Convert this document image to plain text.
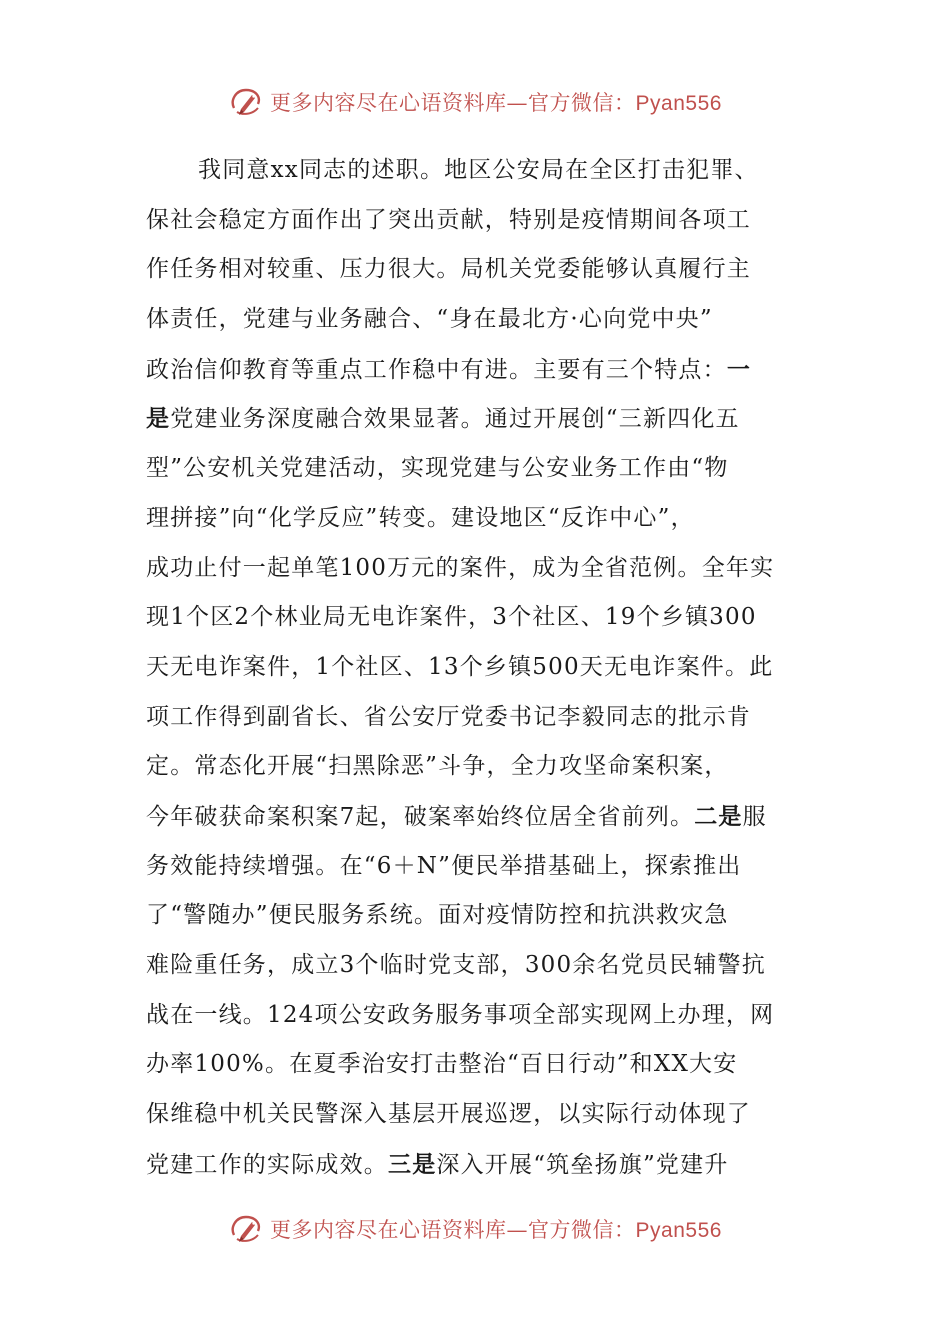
更多内容尽在心语资料库—官方微信：Pyan556
我同意xx同志的述职。地区公安局在全区打击犯罪、
保社会稳定方面作出了突出贡献，特别是疫情期间各项工
作任务相对较重、压力很大。局机关党委能够认真履行主
体责任，党建与业务融合、“身在最北方·心向党中央”
政治信仰教育等重点工作稳中有进。主要有三个特点：一
是党建业务深度融合效果显著。通过开展创“三新四化五
型”公安机关党建活动，实现党建与公安业务工作由“物
理拼接”向“化学反应”转变。建设地区“反诈中心”，
成功止付一起单笔100万元的案件，成为全省范例。全年实
现1个区2个林业局无电诈案件，3个社区、19个乡镇300
天无电诈案件，1个社区、13个乡镇500天无电诈案件。此
项工作得到副省长、省公安厅党委书记李毅同志的批示肯
定。常态化开展“扫黑除恶”斗争，全力攻坚命案积案，
今年破获命案积案7起，破案率始终位居全省前列。二是服
务效能持续增强。在“6＋N”便民举措基础上，探索推出
了“警随办”便民服务系统。面对疫情防控和抗洪救灾急
难险重任务，成立3个临时党支部，300余名党员民辅警抗
战在一线。124项公安政务服务事项全部实现网上办理，网
办率100%。在夏季治安打击整治“百日行动”和XX大安
保维稳中机关民警深入基层开展巡逻，以实际行动体现了
党建工作的实际成效。三是深入开展“筑垒扬旗”党建升
更多内容尽在心语资料库—官方微信：Pyan556
